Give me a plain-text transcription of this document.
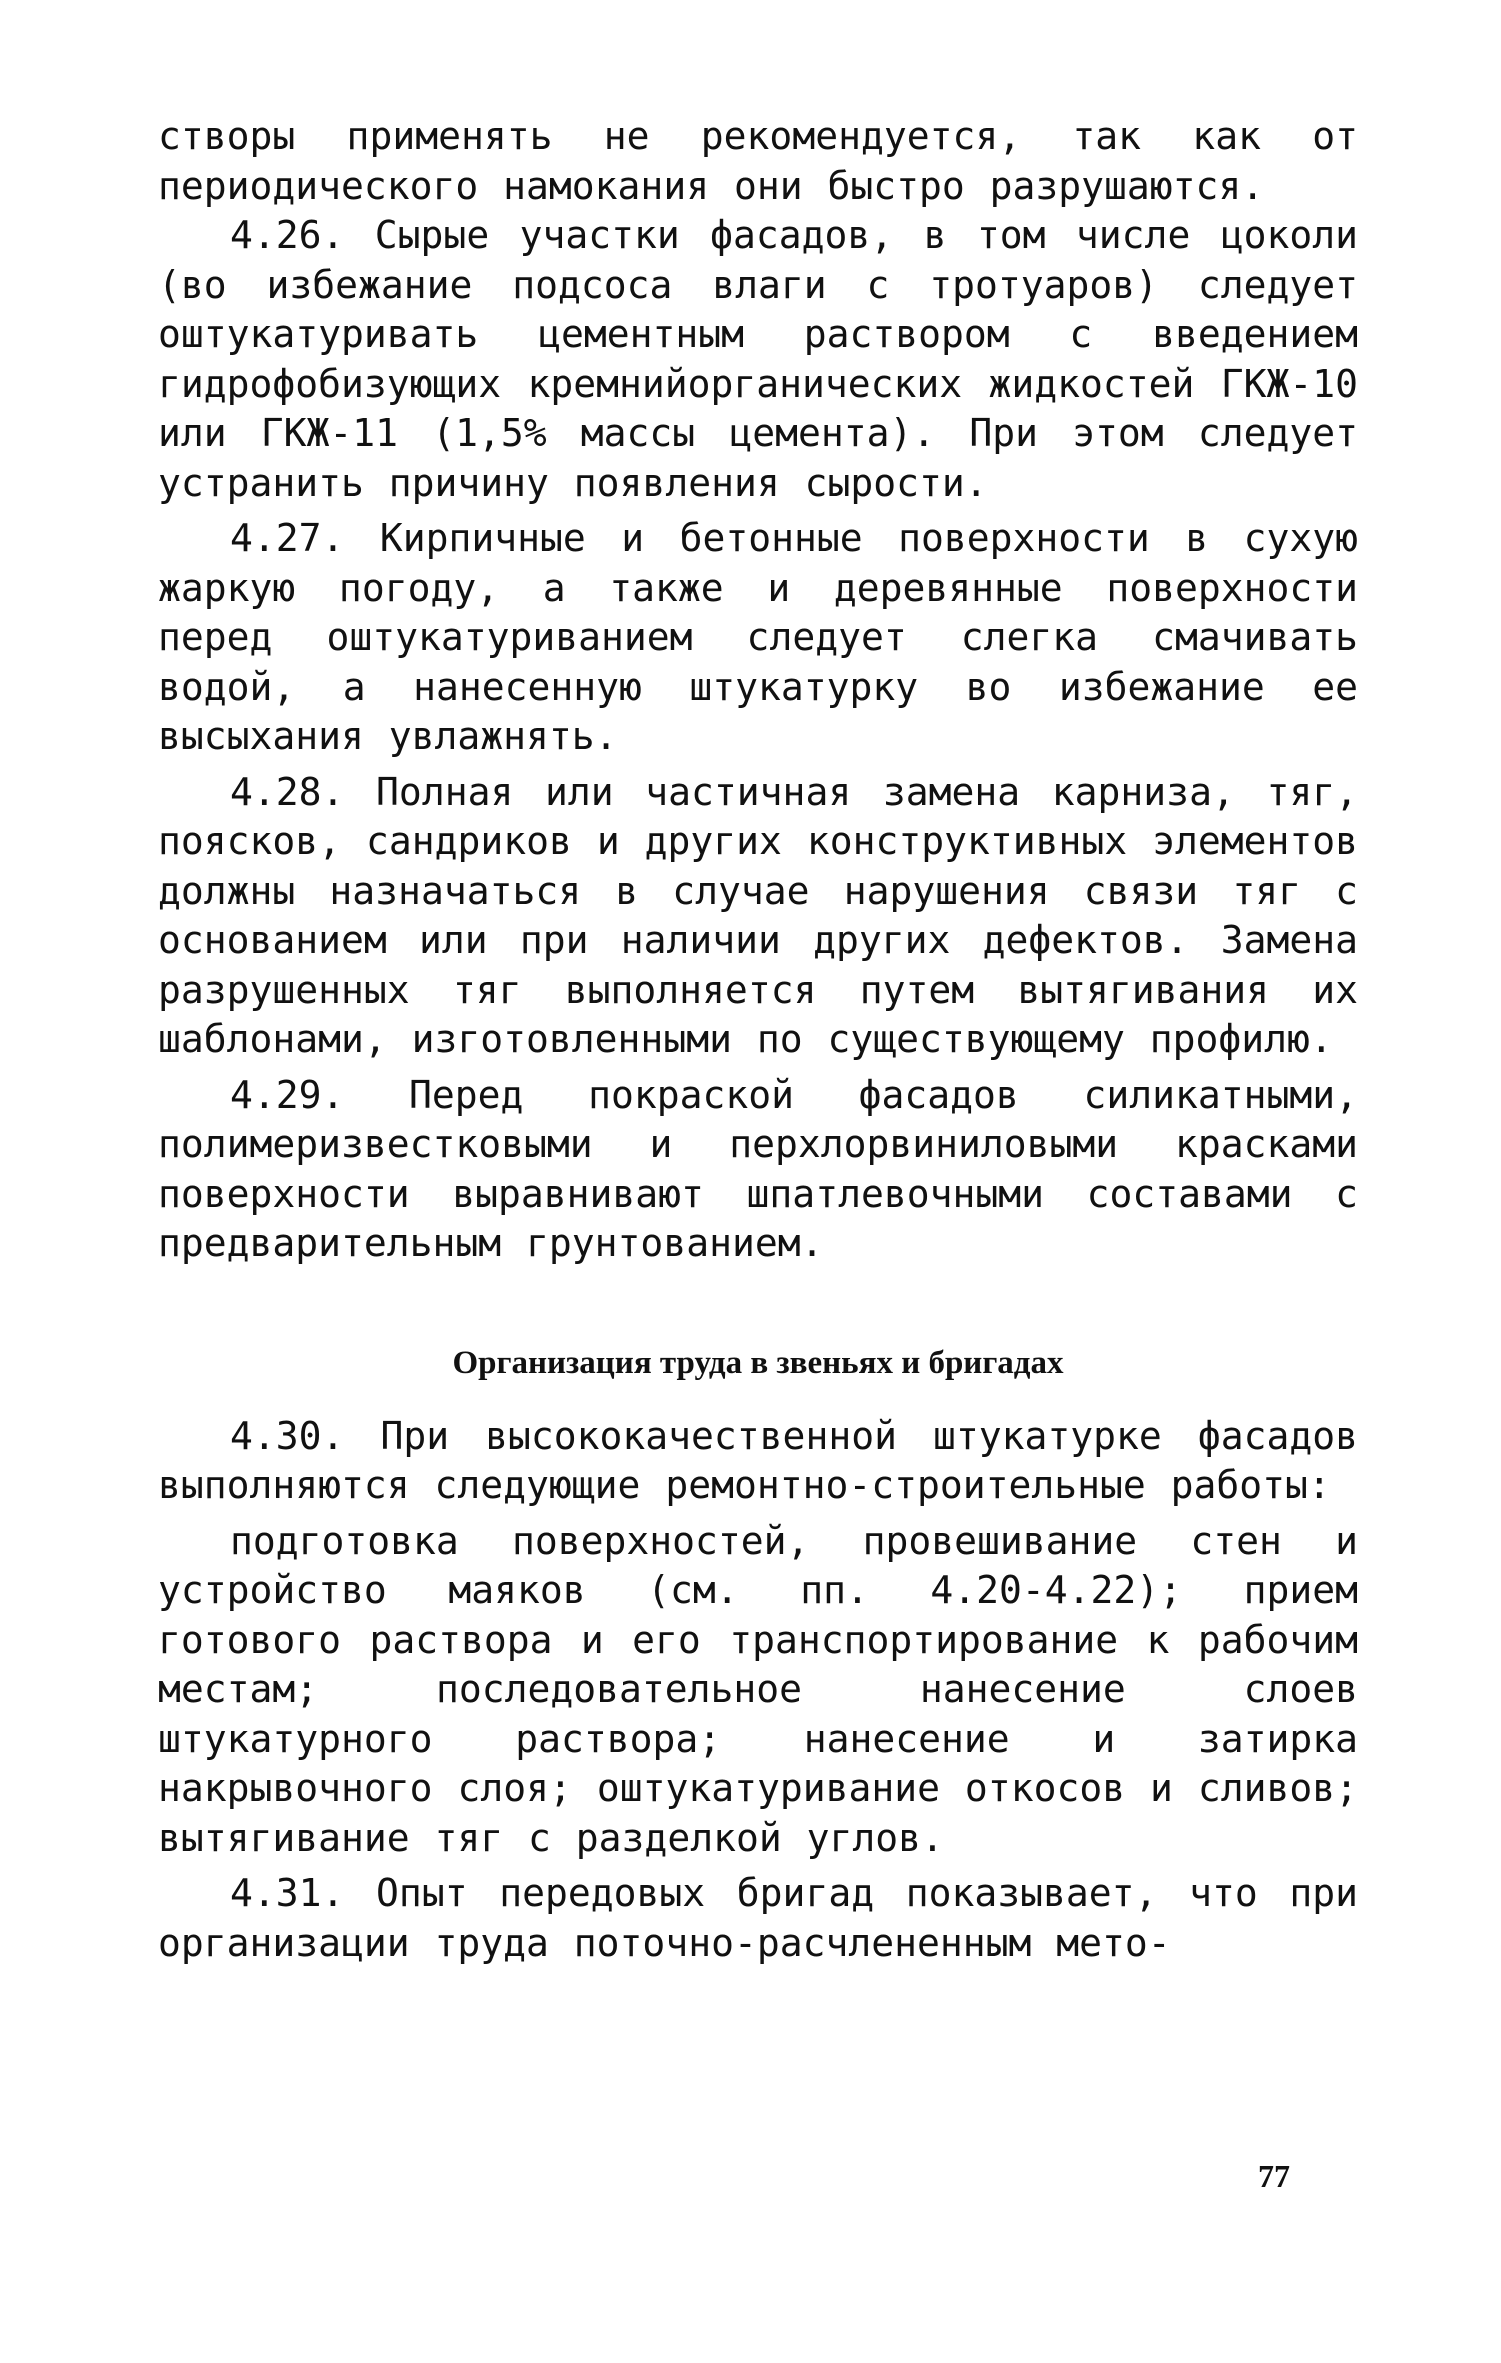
створы применять не рекомендуется, так как от периодического намокания они быстро разрушаются.

4.26. Сырые участки фасадов, в том числе цоколи (во избежание подсоса влаги с тротуаров) следует оштукатуривать цементным раствором с введением гидрофобизующих кремнийорганических жидкостей ГКЖ-10 или ГКЖ-11 (1,5% массы цемента). При этом следует устранить причину появления сырости.

4.27. Кирпичные и бетонные поверхности в сухую жаркую погоду, а также и деревянные поверхности перед оштукатуриванием следует слегка смачивать водой, а нанесенную штукатурку во избежание ее высыхания увлажнять.

4.28. Полная или частичная замена карниза, тяг, поясков, сандриков и других конструктивных элементов должны назначаться в случае нарушения связи тяг с основанием или при наличии других дефектов. Замена разрушенных тяг выполняется путем вытягивания их шаблонами, изготовленными по существующему профилю.

4.29. Перед покраской фасадов силикатными, полимеризвестковыми и перхлорвиниловыми красками поверхности выравнивают шпатлевочными составами с предварительным грунтованием.

Организация труда в звеньях и бригадах

4.30. При высококачественной штукатурке фасадов выполняются следующие ремонтно-строительные работы:

подготовка поверхностей, провешивание стен и устройство маяков (см. пп. 4.20-4.22); прием готового раствора и его транспортирование к рабочим местам; последовательное нанесение слоев штукатурного раствора; нанесение и затирка накрывочного слоя; оштукатуривание откосов и сливов; вытягивание тяг с разделкой углов.

4.31. Опыт передовых бригад показывает, что при организации труда поточно-расчлененным мето-

77
